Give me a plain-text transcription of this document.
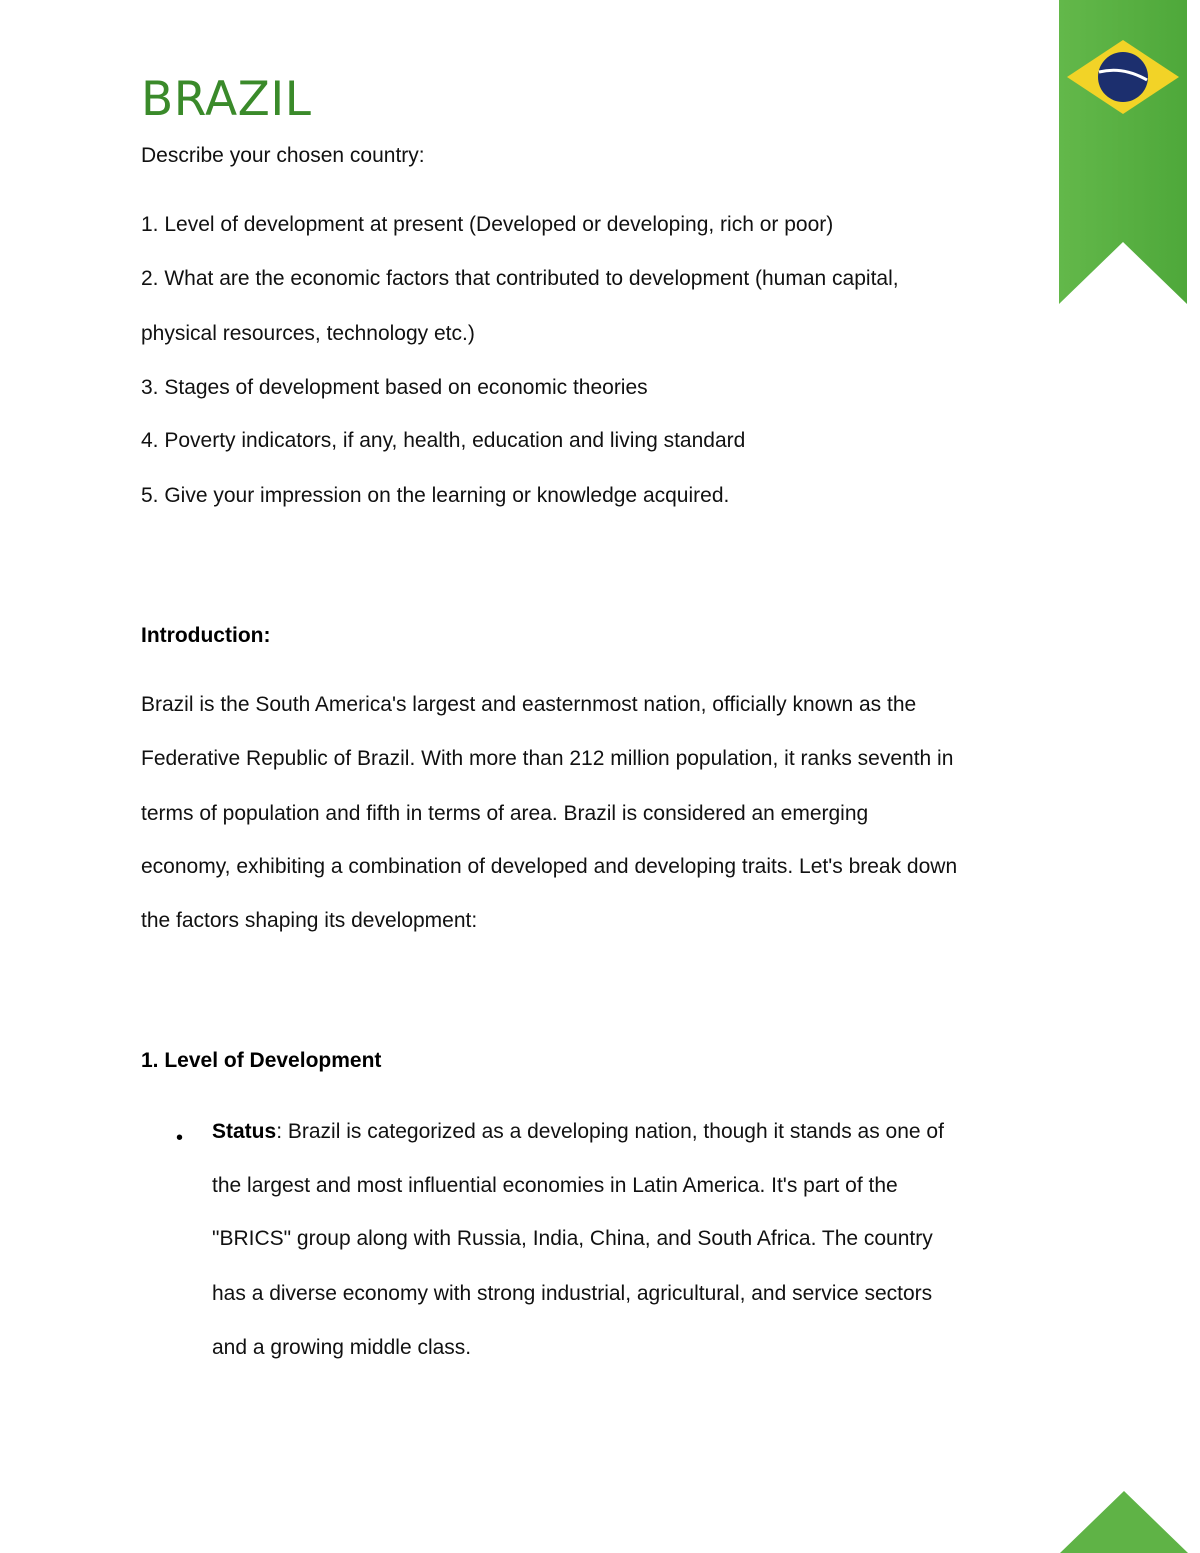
BRAZIL

Describe your chosen country:

1. Level of development at present (Developed or developing, rich or poor)

2. What are the economic factors that contributed to development (human capital,

physical resources, technology etc.)

3. Stages of development based on economic theories

4. Poverty indicators, if any, health, education and living standard

5. Give your impression on the learning or knowledge acquired.

Introduction:

Brazil is the South America's largest and easternmost nation, officially known as the

Federative Republic of Brazil. With more than 212 million population, it ranks seventh in

terms of population and fifth in terms of area. Brazil is considered an emerging

economy, exhibiting a combination of developed and developing traits. Let's break down

the factors shaping its development:

1. Level of Development

• Status: Brazil is categorized as a developing nation, though it stands as one of

the largest and most influential economies in Latin America. It's part of the

"BRICS" group along with Russia, India, China, and South Africa. The country

has a diverse economy with strong industrial, agricultural, and service sectors

and a growing middle class.
